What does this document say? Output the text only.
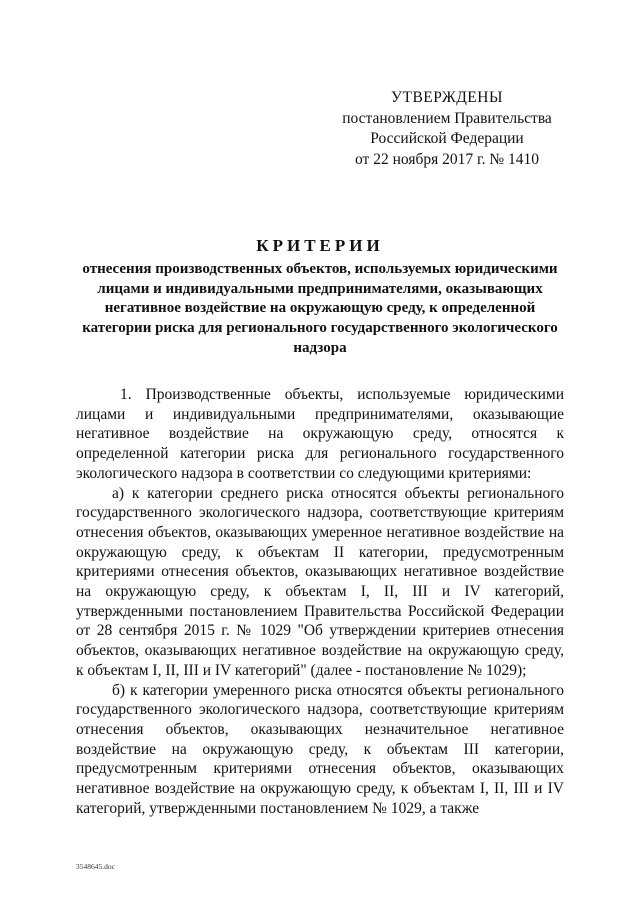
УТВЕРЖДЕНЫ
постановлением Правительства
Российской Федерации
от 22 ноября 2017 г. № 1410
КРИТЕРИИ
отнесения производственных объектов, используемых юридическими лицами и индивидуальными предпринимателями, оказывающих негативное воздействие на окружающую среду, к определенной категории риска для регионального государственного экологического надзора

1. Производственные объекты, используемые юридическими лицами и индивидуальными предпринимателями, оказывающие негативное воздействие на окружающую среду, относятся к определенной категории риска для регионального государственного экологического надзора в соответствии со следующими критериями:

а) к категории среднего риска относятся объекты регионального государственного экологического надзора, соответствующие критериям отнесения объектов, оказывающих умеренное негативное воздействие на окружающую среду, к объектам II категории, предусмотренным критериями отнесения объектов, оказывающих негативное воздействие на окружающую среду, к объектам I, II, III и IV категорий, утвержденными постановлением Правительства Российской Федерации от 28 сентября 2015 г. № 1029 "Об утверждении критериев отнесения объектов, оказывающих негативное воздействие на окружающую среду, к объектам I, II, III и IV категорий" (далее - постановление № 1029);

б) к категории умеренного риска относятся объекты регионального государственного экологического надзора, соответствующие критериям отнесения объектов, оказывающих незначительное негативное воздействие на окружающую среду, к объектам III категории, предусмотренным критериями отнесения объектов, оказывающих негативное воздействие на окружающую среду, к объектам I, II, III и IV категорий, утвержденными постановлением № 1029, а также

3548645.doc
